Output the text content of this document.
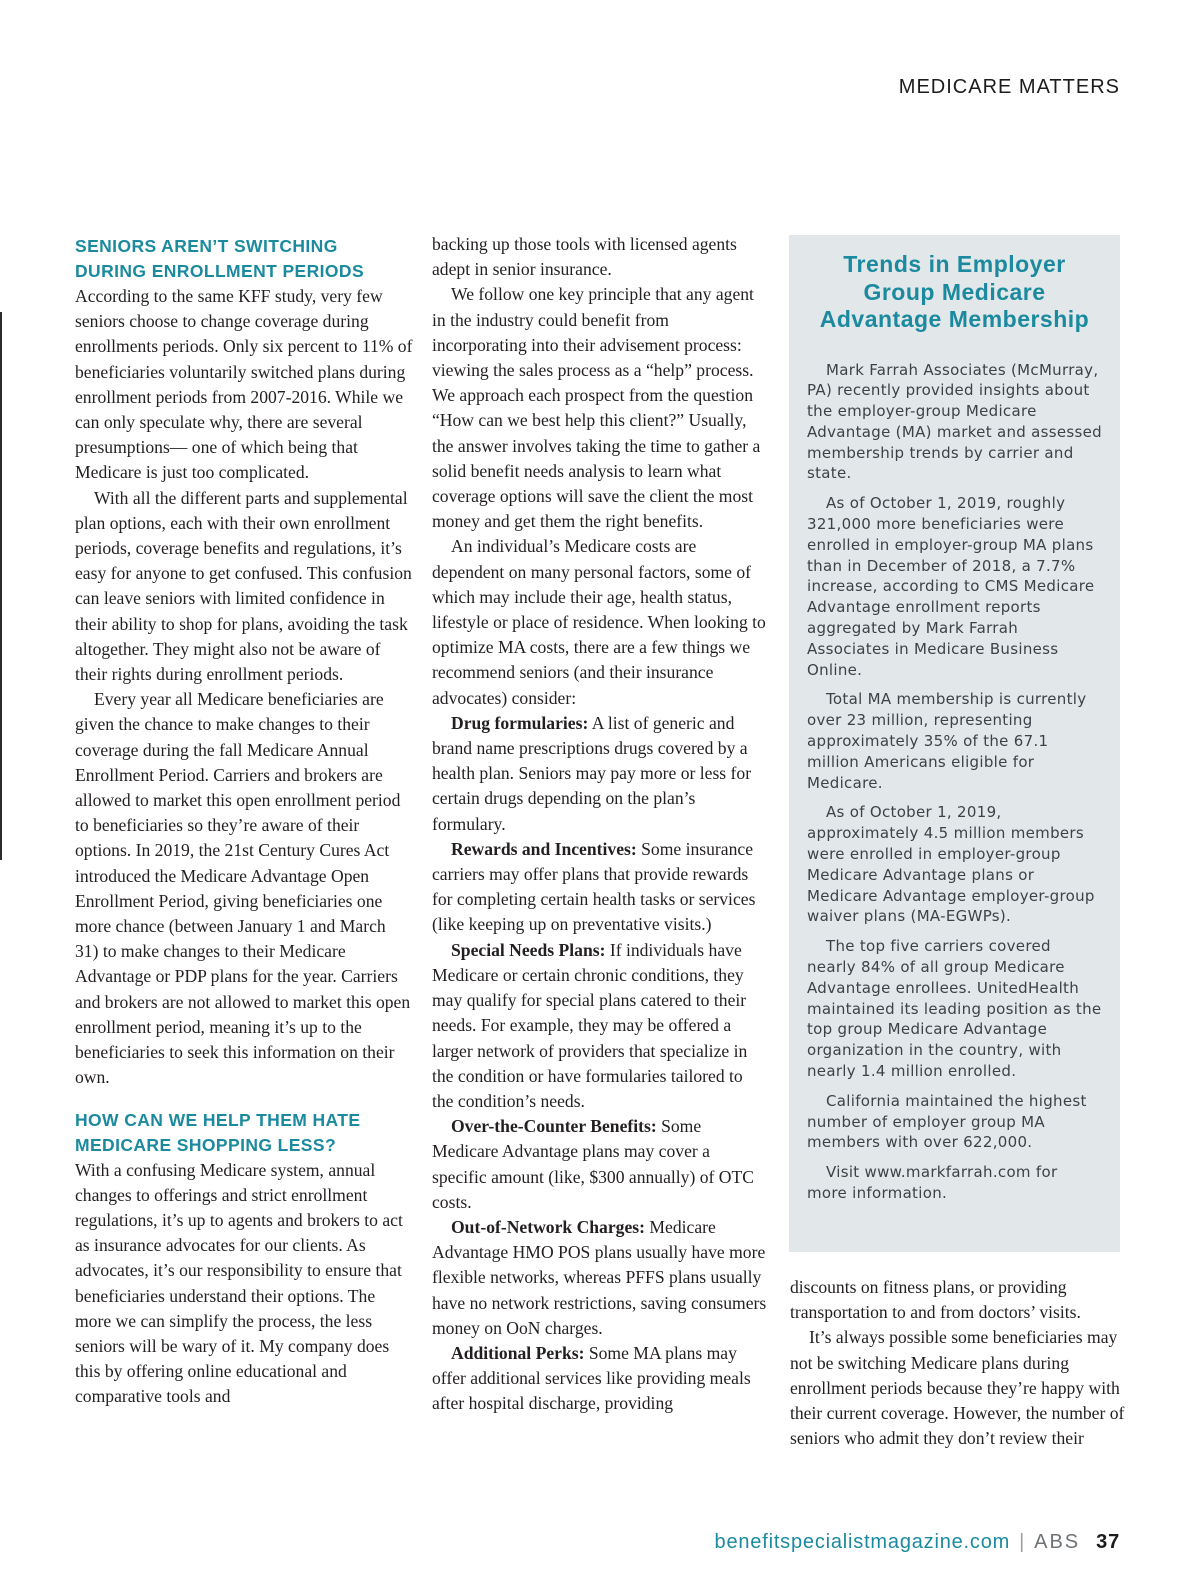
MEDICARE MATTERS
SENIORS AREN’T SWITCHING DURING ENROLLMENT PERIODS

According to the same KFF study, very few seniors choose to change coverage during enrollments periods. Only six percent to 11% of beneficiaries voluntarily switched plans during enrollment periods from 2007-2016. While we can only speculate why, there are several presumptions— one of which being that Medicare is just too complicated.

With all the different parts and supplemental plan options, each with their own enrollment periods, coverage benefits and regulations, it’s easy for anyone to get confused. This confusion can leave seniors with limited confidence in their ability to shop for plans, avoiding the task altogether. They might also not be aware of their rights during enrollment periods.

Every year all Medicare beneficiaries are given the chance to make changes to their coverage during the fall Medicare Annual Enrollment Period. Carriers and brokers are allowed to market this open enrollment period to beneficiaries so they’re aware of their options. In 2019, the 21st Century Cures Act introduced the Medicare Advantage Open Enrollment Period, giving beneficiaries one more chance (between January 1 and March 31) to make changes to their Medicare Advantage or PDP plans for the year. Carriers and brokers are not allowed to market this open enrollment period, meaning it’s up to the beneficiaries to seek this information on their own.

HOW CAN WE HELP THEM HATE MEDICARE SHOPPING LESS?

With a confusing Medicare system, annual changes to offerings and strict enrollment regulations, it’s up to agents and brokers to act as insurance advocates for our clients. As advocates, it’s our responsibility to ensure that beneficiaries understand their options. The more we can simplify the process, the less seniors will be wary of it. My company does this by offering online educational and comparative tools and

backing up those tools with licensed agents adept in senior insurance.

We follow one key principle that any agent in the industry could benefit from incorporating into their advisement process: viewing the sales process as a “help” process. We approach each prospect from the question “How can we best help this client?” Usually, the answer involves taking the time to gather a solid benefit needs analysis to learn what coverage options will save the client the most money and get them the right benefits.

An individual’s Medicare costs are dependent on many personal factors, some of which may include their age, health status, lifestyle or place of residence. When looking to optimize MA costs, there are a few things we recommend seniors (and their insurance advocates) consider:

Drug formularies: A list of generic and brand name prescriptions drugs covered by a health plan. Seniors may pay more or less for certain drugs depending on the plan’s formulary.

Rewards and Incentives: Some insurance carriers may offer plans that provide rewards for completing certain health tasks or services (like keeping up on preventative visits.)

Special Needs Plans: If individuals have Medicare or certain chronic conditions, they may qualify for special plans catered to their needs. For example, they may be offered a larger network of providers that specialize in the condition or have formularies tailored to the condition’s needs.

Over-the-Counter Benefits: Some Medicare Advantage plans may cover a specific amount (like, $300 annually) of OTC costs.

Out-of-Network Charges: Medicare Advantage HMO POS plans usually have more flexible networks, whereas PFFS plans usually have no network restrictions, saving consumers money on OoN charges.

Additional Perks: Some MA plans may offer additional services like providing meals after hospital discharge, providing

Trends in Employer Group Medicare Advantage Membership

Mark Farrah Associates (McMurray, PA) recently provided insights about the employer-group Medicare Advantage (MA) market and assessed membership trends by carrier and state.

As of October 1, 2019, roughly 321,000 more beneficiaries were enrolled in employer-group MA plans than in December of 2018, a 7.7% increase, according to CMS Medicare Advantage enrollment reports aggregated by Mark Farrah Associates in Medicare Business Online.

Total MA membership is currently over 23 million, representing approximately 35% of the 67.1 million Americans eligible for Medicare.

As of October 1, 2019, approximately 4.5 million members were enrolled in employer-group Medicare Advantage plans or Medicare Advantage employer-group waiver plans (MA-EGWPs).

The top five carriers covered nearly 84% of all group Medicare Advantage enrollees. UnitedHealth maintained its leading position as the top group Medicare Advantage organization in the country, with nearly 1.4 million enrolled.

California maintained the highest number of employer group MA members with over 622,000.

Visit www.markfarrah.com for more information.

discounts on fitness plans, or providing transportation to and from doctors’ visits.

It’s always possible some beneficiaries may not be switching Medicare plans during enrollment periods because they’re happy with their current coverage. However, the number of seniors who admit they don’t review their

benefitspecialistmagazine.com | ABS 37
